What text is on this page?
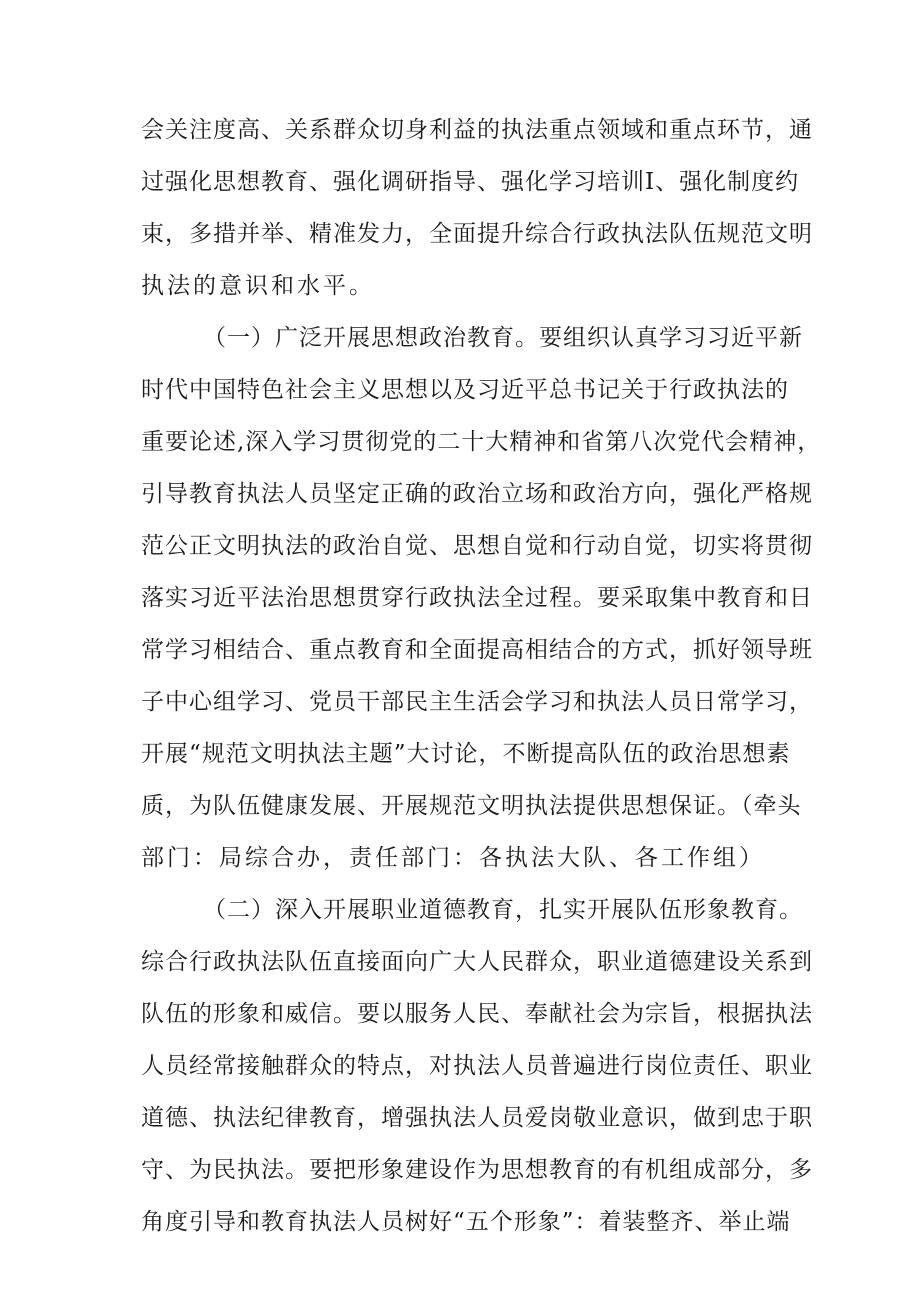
会关注度高、关系群众切身利益的执法重点领域和重点环节，通
过强化思想教育、强化调研指导、强化学习培训Ⅰ、强化制度约
束，多措并举、精准发力，全面提升综合行政执法队伍规范文明
执法的意识和水平。
（一）广泛开展思想政治教育。要组织认真学习习近平新
时代中国特色社会主义思想以及习近平总书记关于行政执法的
重要论述,深入学习贯彻党的二十大精神和省第八次党代会精神，
引导教育执法人员坚定正确的政治立场和政治方向，强化严格规
范公正文明执法的政治自觉、思想自觉和行动自觉，切实将贯彻
落实习近平法治思想贯穿行政执法全过程。要采取集中教育和日
常学习相结合、重点教育和全面提高相结合的方式，抓好领导班
子中心组学习、党员干部民主生活会学习和执法人员日常学习，
开展“规范文明执法主题”大讨论，不断提高队伍的政治思想素
质，为队伍健康发展、开展规范文明执法提供思想保证。（牵头
部门：局综合办，责任部门：各执法大队、各工作组）
（二）深入开展职业道德教育，扎实开展队伍形象教育。
综合行政执法队伍直接面向广大人民群众，职业道德建设关系到
队伍的形象和威信。要以服务人民、奉献社会为宗旨，根据执法
人员经常接触群众的特点，对执法人员普遍进行岗位责任、职业
道德、执法纪律教育，增强执法人员爱岗敬业意识，做到忠于职
守、为民执法。要把形象建设作为思想教育的有机组成部分，多
角度引导和教育执法人员树好“五个形象”：着装整齐、举止端
